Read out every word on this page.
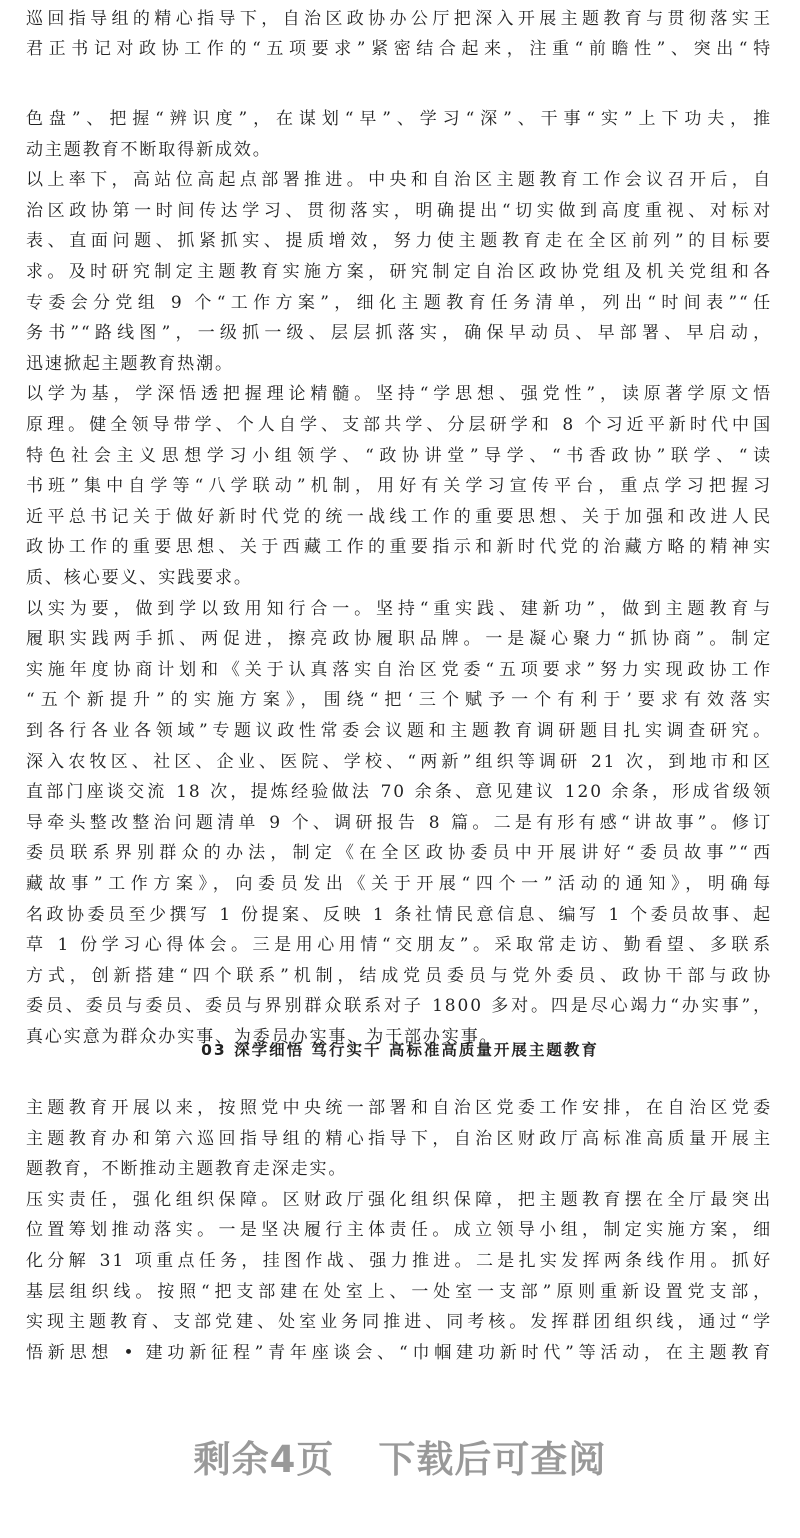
巡回指导组的精心指导下，自治区政协办公厅把深入开展主题教育与贯彻落实王
君正书记对政协工作的“五项要求”紧密结合起来，注重“前瞻性”、突出“特
色盘”、把握“辨识度”，在谋划“早”、学习“深”、干事“实”上下功夫，推
动主题教育不断取得新成效。
以上率下，高站位高起点部署推进。中央和自治区主题教育工作会议召开后，自
治区政协第一时间传达学习、贯彻落实，明确提出“切实做到高度重视、对标对
表、直面问题、抓紧抓实、提质增效，努力使主题教育走在全区前列”的目标要
求。及时研究制定主题教育实施方案，研究制定自治区政协党组及机关党组和各
专委会分党组 9 个“工作方案”，细化主题教育任务清单，列出“时间表”“任
务书”“路线图”，一级抓一级、层层抓落实，确保早动员、早部署、早启动，
迅速掀起主题教育热潮。
以学为基，学深悟透把握理论精髓。坚持“学思想、强党性”，读原著学原文悟
原理。健全领导带学、个人自学、支部共学、分层研学和 8 个习近平新时代中国
特色社会主义思想学习小组领学、“政协讲堂”导学、“书香政协”联学、“读
书班”集中自学等“八学联动”机制，用好有关学习宣传平台，重点学习把握习
近平总书记关于做好新时代党的统一战线工作的重要思想、关于加强和改进人民
政协工作的重要思想、关于西藏工作的重要指示和新时代党的治藏方略的精神实
质、核心要义、实践要求。
以实为要，做到学以致用知行合一。坚持“重实践、建新功”，做到主题教育与
履职实践两手抓、两促进，擦亮政协履职品牌。一是凝心聚力“抓协商”。制定
实施年度协商计划和《关于认真落实自治区党委“五项要求”努力实现政协工作
“五个新提升”的实施方案》，围绕“把‘三个赋予一个有利于’要求有效落实
到各行各业各领域”专题议政性常委会议题和主题教育调研题目扎实调查研究。
深入农牧区、社区、企业、医院、学校、“两新”组织等调研 21 次，到地市和区
直部门座谈交流 18 次，提炼经验做法 70 余条、意见建议 120 余条，形成省级领
导牵头整改整治问题清单 9 个、调研报告 8 篇。二是有形有感“讲故事”。修订
委员联系界别群众的办法，制定《在全区政协委员中开展讲好“委员故事”“西
藏故事”工作方案》，向委员发出《关于开展“四个一”活动的通知》，明确每
名政协委员至少撰写 1 份提案、反映 1 条社情民意信息、编写 1 个委员故事、起
草 1 份学习心得体会。三是用心用情“交朋友”。采取常走访、勤看望、多联系
方式，创新搭建“四个联系”机制，结成党员委员与党外委员、政协干部与政协
委员、委员与委员、委员与界别群众联系对子 1800 多对。四是尽心竭力“办实事”，
真心实意为群众办实事、为委员办实事、为干部办实事。
03 深学细悟 笃行实干 高标准高质量开展主题教育
主题教育开展以来，按照党中央统一部署和自治区党委工作安排，在自治区党委
主题教育办和第六巡回指导组的精心指导下，自治区财政厅高标准高质量开展主
题教育，不断推动主题教育走深走实。
压实责任，强化组织保障。区财政厅强化组织保障，把主题教育摆在全厅最突出
位置筹划推动落实。一是坚决履行主体责任。成立领导小组，制定实施方案，细
化分解 31 项重点任务，挂图作战、强力推进。二是扎实发挥两条线作用。抓好
基层组织线。按照“把支部建在处室上、一处室一支部”原则重新设置党支部，
实现主题教育、支部党建、处室业务同推进、同考核。发挥群团组织线，通过“学
悟新思想 • 建功新征程”青年座谈会、“巾帼建功新时代”等活动，在主题教育
剩余4页 下载后可查阅
